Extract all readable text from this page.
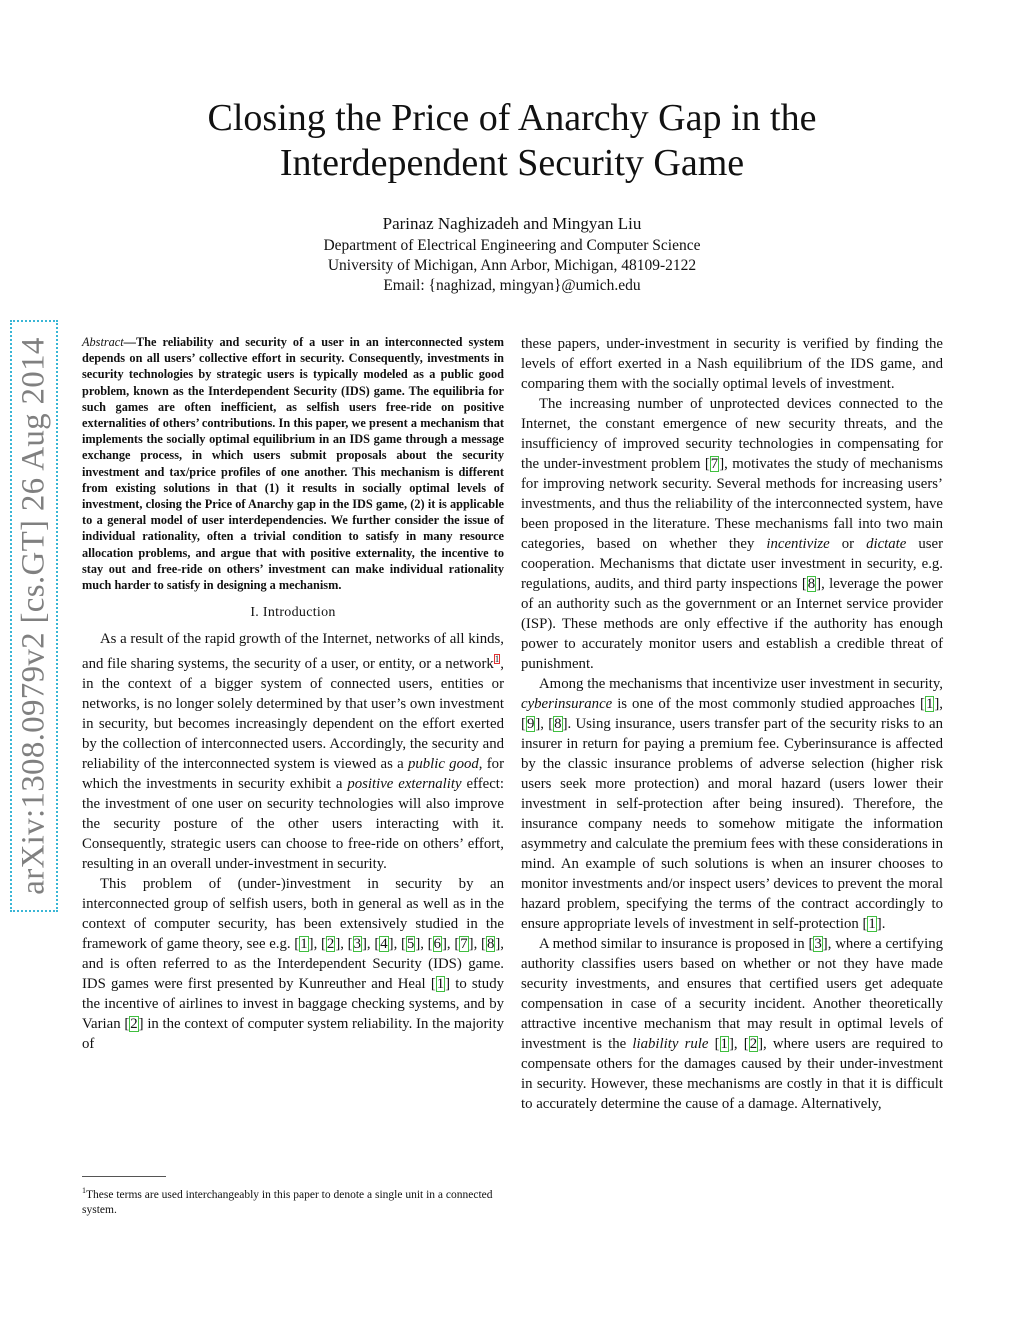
arXiv:1308.0979v2 [cs.GT] 26 Aug 2014
Closing the Price of Anarchy Gap in the
Interdependent Security Game
Parinaz Naghizadeh and Mingyan Liu
Department of Electrical Engineering and Computer Science
University of Michigan, Ann Arbor, Michigan, 48109-2122
Email: {naghizad, mingyan}@umich.edu

Abstract—The reliability and security of a user in an interconnected system depends on all users’ collective effort in security. Consequently, investments in security technologies by strategic users is typically modeled as a public good problem, known as the Interdependent Security (IDS) game. The equilibria for such games are often inefficient, as selfish users free-ride on positive externalities of others’ contributions. In this paper, we present a mechanism that implements the socially optimal equilibrium in an IDS game through a message exchange process, in which users submit proposals about the security investment and tax/price profiles of one another. This mechanism is different from existing solutions in that (1) it results in socially optimal levels of investment, closing the Price of Anarchy gap in the IDS game, (2) it is applicable to a general model of user interdependencies. We further consider the issue of individual rationality, often a trivial condition to satisfy in many resource allocation problems, and argue that with positive externality, the incentive to stay out and free-ride on others’ investment can make individual rationality much harder to satisfy in designing a mechanism.

I. Introduction

As a result of the rapid growth of the Internet, networks of all kinds, and file sharing systems, the security of a user, or entity, or a network$^1$, in the context of a bigger system of connected users, entities or networks, is no longer solely determined by that user’s own investment in security, but becomes increasingly dependent on the effort exerted by the collection of interconnected users. Accordingly, the security and reliability of the interconnected system is viewed as a public good, for which the investments in security exhibit a positive externality effect: the investment of one user on security technologies will also improve the security posture of the other users interacting with it. Consequently, strategic users can choose to free-ride on others’ effort, resulting in an overall under-investment in security.

This problem of (under-)investment in security by an interconnected group of selfish users, both in general as well as in the context of computer security, has been extensively studied in the framework of game theory, see e.g. [1], [2], [3], [4], [5], [6], [7], [8], and is often referred to as the Interdependent Security (IDS) game. IDS games were first presented by Kunreuther and Heal [1] to study the incentive of airlines to invest in baggage checking systems, and by Varian [2] in the context of computer system reliability. In the majority of

$^1$These terms are used interchangeably in this paper to denote a single unit in a connected system.

these papers, under-investment in security is verified by finding the levels of effort exerted in a Nash equilibrium of the IDS game, and comparing them with the socially optimal levels of investment.

The increasing number of unprotected devices connected to the Internet, the constant emergence of new security threats, and the insufficiency of improved security technologies in compensating for the under-investment problem [7], motivates the study of mechanisms for improving network security. Several methods for increasing users’ investments, and thus the reliability of the interconnected system, have been proposed in the literature. These mechanisms fall into two main categories, based on whether they incentivize or dictate user cooperation. Mechanisms that dictate user investment in security, e.g. regulations, audits, and third party inspections [8], leverage the power of an authority such as the government or an Internet service provider (ISP). These methods are only effective if the authority has enough power to accurately monitor users and establish a credible threat of punishment.

Among the mechanisms that incentivize user investment in security, cyberinsurance is one of the most commonly studied approaches [1], [9], [8]. Using insurance, users transfer part of the security risks to an insurer in return for paying a premium fee. Cyberinsurance is affected by the classic insurance problems of adverse selection (higher risk users seek more protection) and moral hazard (users lower their investment in self-protection after being insured). Therefore, the insurance company needs to somehow mitigate the information asymmetry and calculate the premium fees with these considerations in mind. An example of such solutions is when an insurer chooses to monitor investments and/or inspect users’ devices to prevent the moral hazard problem, specifying the terms of the contract accordingly to ensure appropriate levels of investment in self-protection [1].

A method similar to insurance is proposed in [3], where a certifying authority classifies users based on whether or not they have made security investments, and ensures that certified users get adequate compensation in case of a security incident. Another theoretically attractive incentive mechanism that may result in optimal levels of investment is the liability rule [1], [2], where users are required to compensate others for the damages caused by their under-investment in security. However, these mechanisms are costly in that it is difficult to accurately determine the cause of a damage. Alternatively,
